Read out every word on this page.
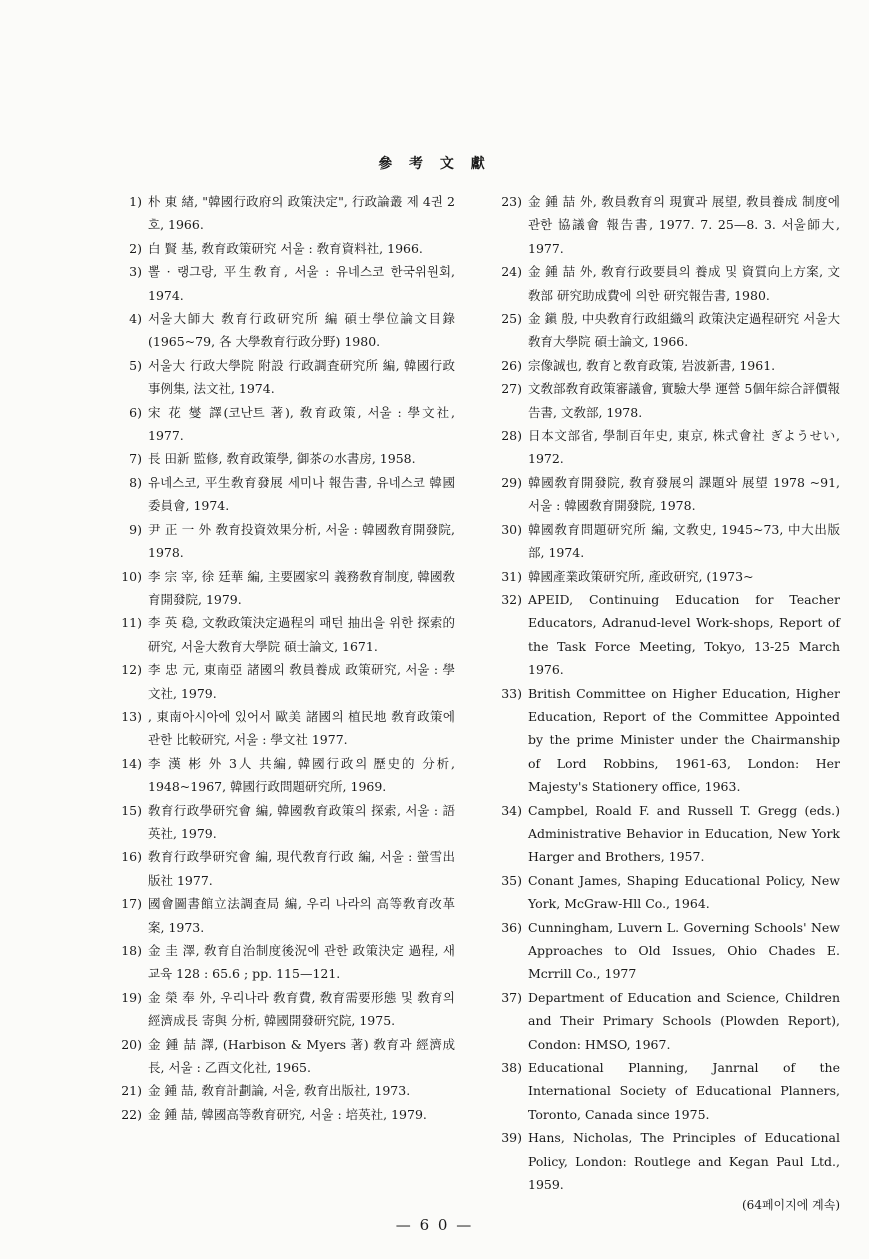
參 考 文 獻
1) 朴 東 緖, "韓國行政府의 政策決定", 行政論叢 제 4권 2호, 1966.
2) 白 賢 基, 敎育政策研究 서울 : 敎育資料社, 1966.
3) 뽈 · 랭그랑, 平生敎育, 서울 : 유네스코 한국위원회, 1974.
4) 서울大師大 敎育行政研究所 編 碩士學位論文目錄 (1965~79, 各 大學敎育行政分野) 1980.
5) 서울大 行政大學院 附設 行政調査研究所 編, 韓國行政 事例集, 法文社, 1974.
6) 宋 花 燮 譯(코난트 著), 敎育政策, 서울 : 學文社, 1977.
7) 長 田新 監修, 敎育政策學, 御茶の水書房, 1958.
8) 유네스코, 平生敎育發展 세미나 報告書, 유네스코 韓國委員會, 1974.
9) 尹 正 一 外 敎育投資效果分析, 서울 : 韓國敎育開發院, 1978.
10) 李 宗 宰, 徐 廷華 編, 主要國家의 義務敎育制度, 韓國敎育開發院, 1979.
11) 李 英 稳, 文敎政策決定過程의 패턴 抽出을 위한 探索的 研究, 서울大敎育大學院 碩士論文, 1671.
12) 李 忠 元, 東南亞 諸國의 敎員養成 政策研究, 서울 : 學文社, 1979.
13) , 東南아시아에 있어서 歐美 諸國의 植民地 敎育政策에 관한 比較研究, 서울 : 學文社 1977.
14) 李 漢 彬 外 3人 共編, 韓國行政의 歷史的 分析, 1948~1967, 韓國行政問題研究所, 1969.
15) 敎育行政學研究會 編, 韓國敎育政策의 探索, 서울 : 語英社, 1979.
16) 敎育行政學研究會 編, 現代敎育行政 編, 서울 : 螢雪出版社 1977.
17) 國會圖書館立法調査局 編, 우리 나라의 高等敎育改革案, 1973.
18) 金 圭 澤, 敎育自治制度後況에 관한 政策決定 過程, 새교육 128 : 65.6 ; pp. 115—121.
19) 金 榮 奉 外, 우리나라 敎育費, 敎育需要形態 및 敎育의 經濟成長 寄與 分析, 韓國開發研究院, 1975.
20) 金 鍾 喆 譯, (Harbison & Myers 著) 敎育과 經濟成長, 서울 : 乙酉文化社, 1965.
21) 金 鍾 喆, 敎育計劃論, 서울, 敎育出版社, 1973.
22) 金 鍾 喆, 韓國高等敎育研究, 서울 : 培英社, 1979.
23) 金 鍾 喆 外, 敎員敎育의 現實과 展望, 敎員養成 制度에 관한 協議會 報告書, 1977. 7. 25—8. 3. 서울師大, 1977.
24) 金 鍾 喆 外, 敎育行政要員의 養成 및 資質向上方案, 文敎部 研究助成費에 의한 研究報告書, 1980.
25) 金 鎭 殷, 中央敎育行政組織의 政策決定過程研究 서울大 敎育大學院 碩士論文, 1966.
26) 宗像誠也, 敎育と敎育政策, 岩波新書, 1961.
27) 文敎部敎育政策審議會, 實驗大學 運營 5個年綜合評價報告書, 文敎部, 1978.
28) 日本文部省, 學制百年史, 東京, 株式會社 ぎようせい, 1972.
29) 韓國敎育開發院, 敎育發展의 課題와 展望 1978 ~91, 서울 : 韓國敎育開發院, 1978.
30) 韓國敎育問題研究所 編, 文敎史, 1945~73, 中大出版部, 1974.
31) 韓國產業政策研究所, 產政研究, (1973~
32) APEID, Continuing Education for Teacher Educators, Adranud-level Work-shops, Report of the Task Force Meeting, Tokyo, 13-25 March 1976.
33) British Committee on Higher Education, Higher Education, Report of the Committee Appointed by the prime Minister under the Chairmanship of Lord Robbins, 1961-63, London: Her Majesty's Stationery office, 1963.
34) Campbel, Roald F. and Russell T. Gregg (eds.) Administrative Behavior in Education, New York Harger and Brothers, 1957.
35) Conant James, Shaping Educational Policy, New York, McGraw-Hll Co., 1964.
36) Cunningham, Luvern L. Governing Schools' New Approaches to Old Issues, Ohio Chades E. Mcrrill Co., 1977
37) Department of Education and Science, Children and Their Primary Schools (Plowden Report), Condon: HMSO, 1967.
38) Educational Planning, Janrnal of the International Society of Educational Planners, Toronto, Canada since 1975.
39) Hans, Nicholas, The Principles of Educational Policy, London: Routlege and Kegan Paul Ltd., 1959.
(64페이지에 계속)
— 6 0 —
